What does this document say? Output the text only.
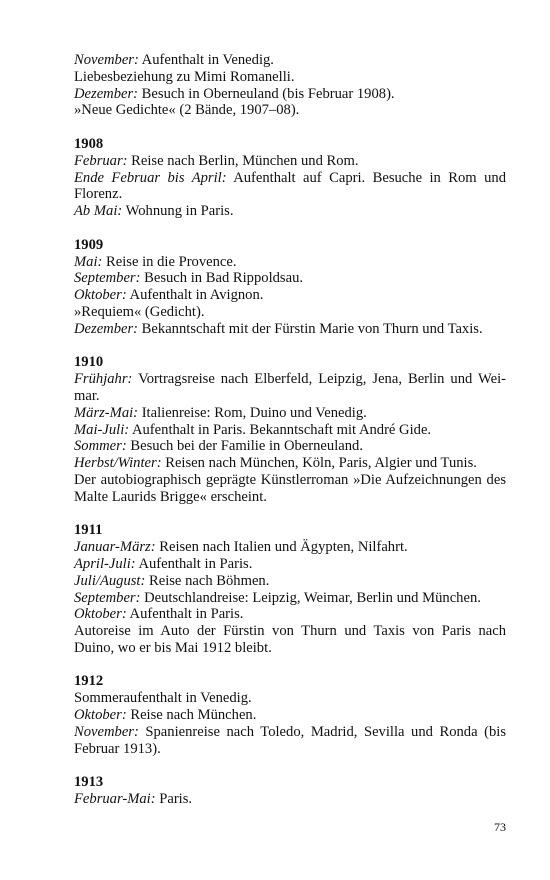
November: Aufenthalt in Venedig.
Liebesbeziehung zu Mimi Romanelli.
Dezember: Besuch in Oberneuland (bis Februar 1908).
»Neue Gedichte« (2 Bände, 1907–08).
1908
Februar: Reise nach Berlin, München und Rom.
Ende Februar bis April: Aufenthalt auf Capri. Besuche in Rom und Florenz.
Ab Mai: Wohnung in Paris.
1909
Mai: Reise in die Provence.
September: Besuch in Bad Rippoldsau.
Oktober: Aufenthalt in Avignon.
»Requiem« (Gedicht).
Dezember: Bekanntschaft mit der Fürstin Marie von Thurn und Taxis.
1910
Frühjahr: Vortragsreise nach Elberfeld, Leipzig, Jena, Berlin und Wei-mar.
März-Mai: Italienreise: Rom, Duino und Venedig.
Mai-Juli: Aufenthalt in Paris. Bekanntschaft mit André Gide.
Sommer: Besuch bei der Familie in Oberneuland.
Herbst/Winter: Reisen nach München, Köln, Paris, Algier und Tunis.
Der autobiographisch geprägte Künstlerroman »Die Aufzeichnungen des Malte Laurids Brigge« erscheint.
1911
Januar-März: Reisen nach Italien und Ägypten, Nilfahrt.
April-Juli: Aufenthalt in Paris.
Juli/August: Reise nach Böhmen.
September: Deutschlandreise: Leipzig, Weimar, Berlin und München.
Oktober: Aufenthalt in Paris.
Autoreise im Auto der Fürstin von Thurn und Taxis von Paris nach Duino, wo er bis Mai 1912 bleibt.
1912
Sommeraufenthalt in Venedig.
Oktober: Reise nach München.
November: Spanienreise nach Toledo, Madrid, Sevilla und Ronda (bis Februar 1913).
1913
Februar-Mai: Paris.
73
